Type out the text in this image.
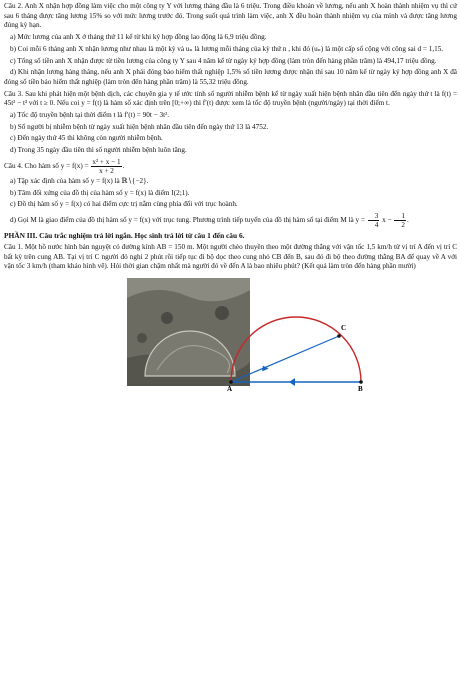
Câu 2. Anh X nhận hợp đồng làm việc cho một công ty Y với lương tháng đầu là 6 triệu. Trong điều khoản về lương, nếu anh X hoàn thành nhiệm vụ thì cứ sau 6 tháng được tăng lương 15% so với mức lương trước đó. Trong suốt quá trình làm việc, anh X đều hoàn thành nhiệm vụ của mình và được tăng lương đúng kỳ hạn.

a) Mức lương của anh X ở tháng thứ 11 kể từ khi ký hợp đồng lao động là 6,9 triệu đồng.

b) Coi mỗi 6 tháng anh X nhận lương như nhau là một kỳ và uₙ là lương mỗi tháng của kỳ thứ n , khi đó (uₙ) là một cấp số cộng với công sai d = 1,15.

c) Tổng số tiền anh X nhận được từ tiền lương của công ty Y sau 4 năm kể từ ngày ký hợp đồng (làm tròn đến hàng phần trăm) là 494,17 triệu đồng.

d) Khi nhận lương hàng tháng, nếu anh X phải đóng bảo hiểm thất nghiệp 1,5% số tiền lương được nhận thì sau 10 năm kể từ ngày ký hợp đồng anh X đã đóng số tiền bảo hiểm thất nghiệp (làm tròn đến hàng phần trăm) là 55,32 triệu đồng.

Câu 3. Sau khi phát hiện một bệnh dịch, các chuyên gia y tế ước tính số người nhiễm bệnh kể từ ngày xuất hiện bệnh nhân đầu tiên đến ngày thứ t là f(t) = 45t² − t³ với t ≥ 0. Nếu coi y = f(t) là hàm số xác định trên [0;+∞) thì f′(t) được xem là tốc độ truyền bệnh (người/ngày) tại thời điểm t.

a) Tốc độ truyền bệnh tại thời điểm t là f′(t) = 90t − 3t².

b) Số người bị nhiễm bệnh từ ngày xuất hiện bệnh nhân đầu tiên đến ngày thứ 13 là 4752.

c) Đến ngày thứ 45 thì không còn người nhiễm bệnh.

d) Trong 35 ngày đầu tiên thì số người nhiễm bệnh luôn tăng.

Câu 4. Cho hàm số $y = f(x) = \frac{\text{x² + x − 1}}{x + 2}$ .

a) Tập xác định của hàm số y = f(x) là ℝ∖{−2}.

b) Tâm đối xứng của đồ thị của hàm số y = f(x) là điểm I(2;1).

c) Đồ thị hàm số y = f(x) có hai điểm cực trị nằm cùng phía đối với trục hoành.

d) Gọi M là giao điểm của đồ thị hàm số y = f(x) với trục tung. Phương trình tiếp tuyến của đồ thị hàm số tại điểm M là $y = \frac{3}{4}$ $x - \frac{1}{2}$ .

PHẦN III. Câu trắc nghiệm trả lời ngắn. Học sinh trả lời từ câu 1 đến câu 6.

Câu 1. Một hồ nước hình bán nguyệt có đường kính AB = 150 m. Một người chèo thuyền theo một đường thẳng với vận tốc 1,5 km/h từ vị trí A đến vị trí C bất kỳ trên cung AB. Tại vị trí C người đó nghỉ 2 phút rồi tiếp tục đi bộ dọc theo cung nhỏ CB đến B, sau đó đi bộ theo đường thẳng BA để quay về A với vận tốc 3 km/h (tham khảo hình vẽ). Hỏi thời gian chậm nhất mà người đó về đến A là bao nhiêu phút? (Kết quả làm tròn đến hàng phần mười)

A	B
C
